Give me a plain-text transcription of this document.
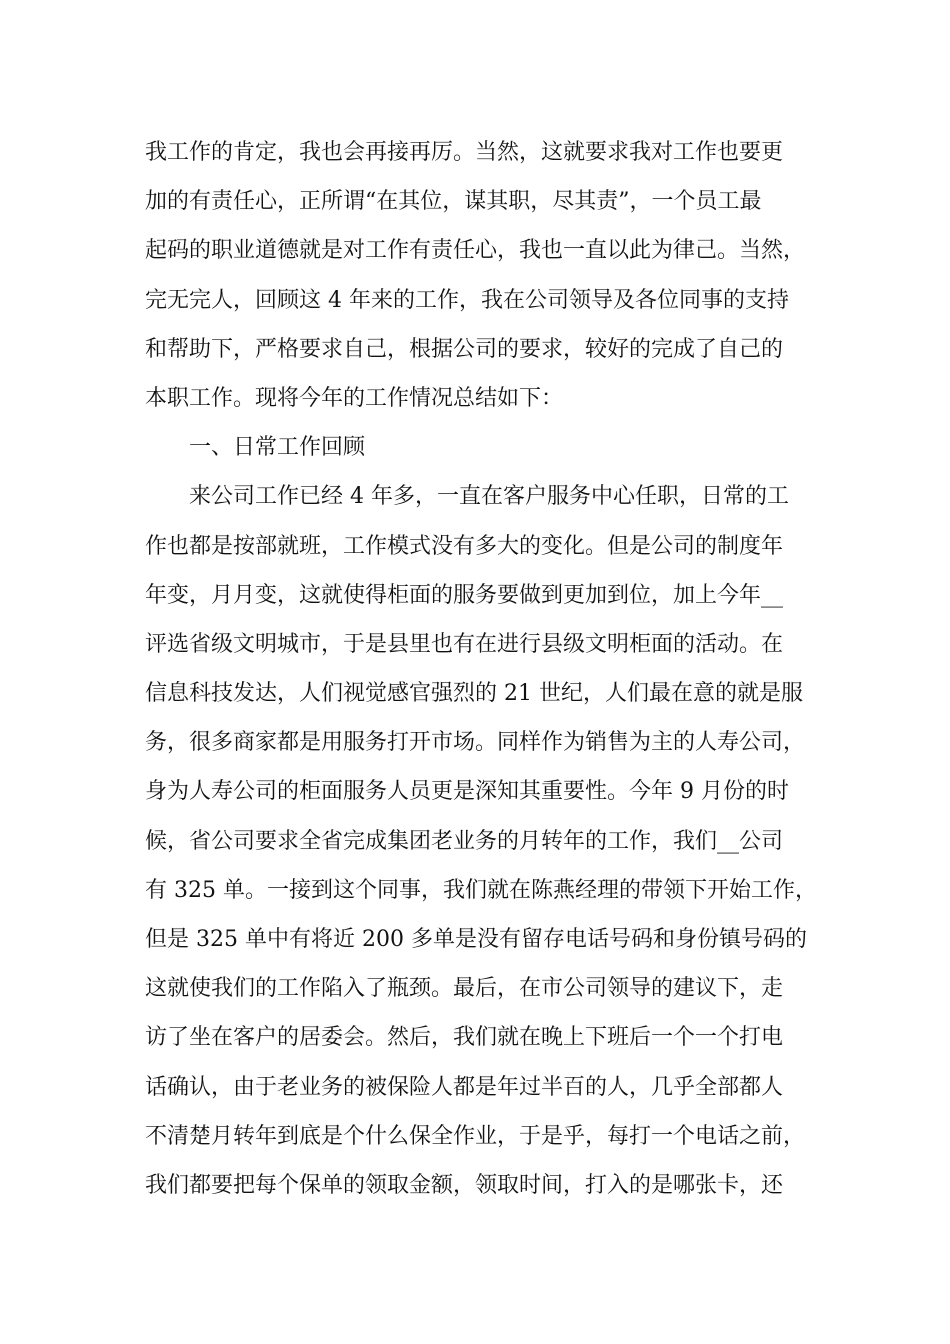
我工作的肯定，我也会再接再厉。当然，这就要求我对工作也要更
加的有责任心，正所谓“在其位，谋其职，尽其责”，一个员工最
起码的职业道德就是对工作有责任心，我也一直以此为律己。当然，
完无完人，回顾这 4 年来的工作，我在公司领导及各位同事的支持
和帮助下，严格要求自己，根据公司的要求，较好的完成了自己的
本职工作。现将今年的工作情况总结如下：
　　一、日常工作回顾
　　来公司工作已经 4 年多，一直在客户服务中心任职，日常的工
作也都是按部就班，工作模式没有多大的变化。但是公司的制度年
年变，月月变，这就使得柜面的服务要做到更加到位，加上今年__
评选省级文明城市，于是县里也有在进行县级文明柜面的活动。在
信息科技发达，人们视觉感官强烈的 21 世纪，人们最在意的就是服
务，很多商家都是用服务打开市场。同样作为销售为主的人寿公司，
身为人寿公司的柜面服务人员更是深知其重要性。今年 9 月份的时
候，省公司要求全省完成集团老业务的月转年的工作，我们__公司
有 325 单。一接到这个同事，我们就在陈燕经理的带领下开始工作，
但是 325 单中有将近 200 多单是没有留存电话号码和身份镇号码的
这就使我们的工作陷入了瓶颈。最后，在市公司领导的建议下，走
访了坐在客户的居委会。然后，我们就在晚上下班后一个一个打电
话确认，由于老业务的被保险人都是年过半百的人，几乎全部都人
不清楚月转年到底是个什么保全作业，于是乎，每打一个电话之前，
我们都要把每个保单的领取金额，领取时间，打入的是哪张卡，还
